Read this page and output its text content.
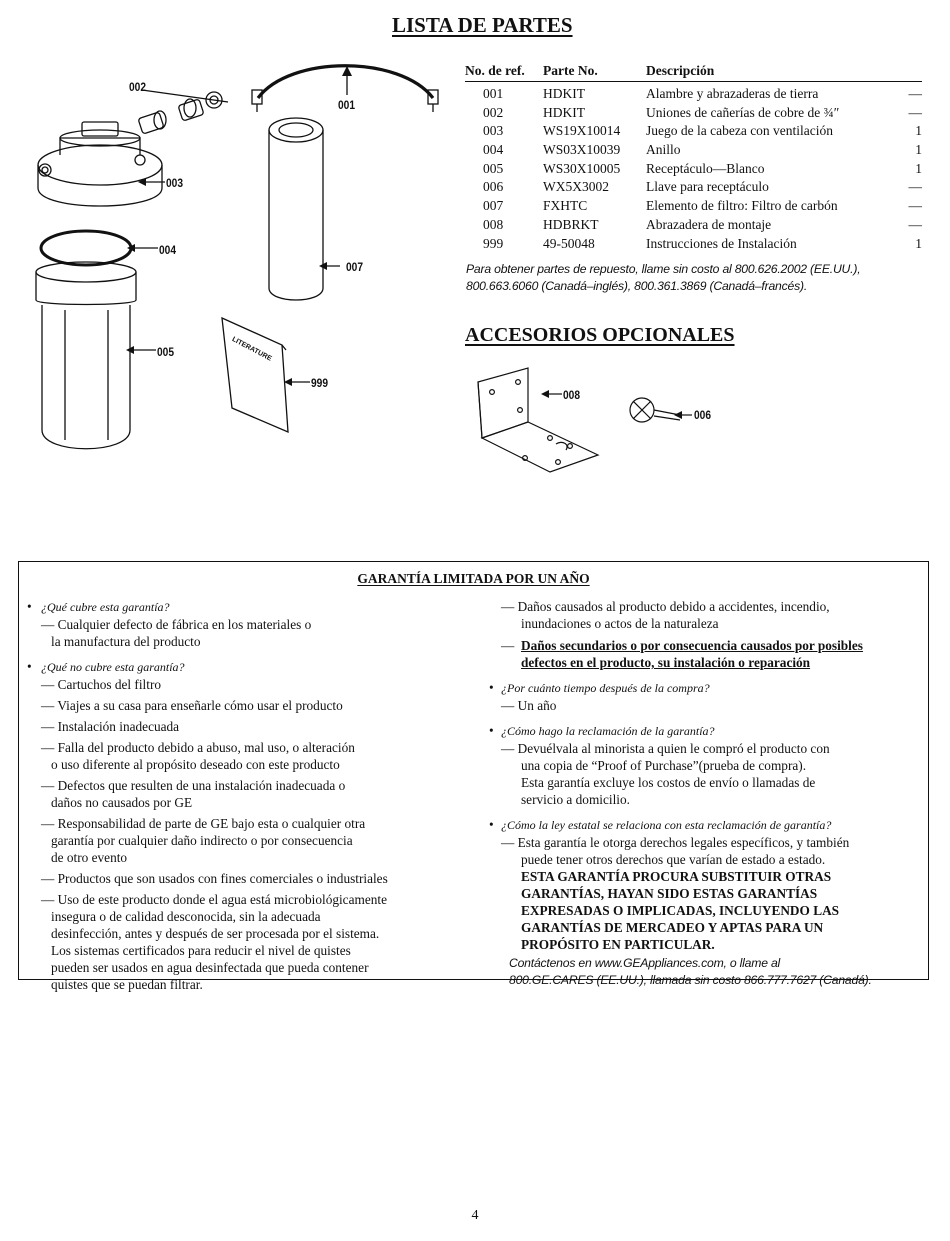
LISTA DE PARTES
002
001
003
004
007
005
999
LITERATURE
No. de ref.	Parte No.	Descripción
001	HDKIT	Alambre y abrazaderas de tierra	—
002	HDKIT	Uniones de cañerías de cobre de ¾″	—
003	WS19X10014	Juego de la cabeza con ventilación	1
004	WS03X10039	Anillo	1
005	WS30X10005	Receptáculo—Blanco	1
006	WX5X3002	Llave para receptáculo	—
007	FXHTC	Elemento de filtro: Filtro de carbón	—
008	HDBRKT	Abrazadera de montaje	—
999	49-50048	Instrucciones de Instalación	1
Para obtener partes de repuesto, llame sin costo al 800.626.2002 (EE.UU.),
800.663.6060 (Canadá–inglés), 800.361.3869 (Canadá–francés).
ACCESORIOS OPCIONALES
008
006
GARANTÍA LIMITADA POR UN AÑO
• ¿Qué cubre esta garantía?
— Cualquier defecto de fábrica en los materiales o
la manufactura del producto
• ¿Qué no cubre esta garantía?
— Cartuchos del filtro
— Viajes a su casa para enseñarle cómo usar el producto
— Instalación inadecuada
— Falla del producto debido a abuso, mal uso, o alteración
o uso diferente al propósito deseado con este producto
— Defectos que resulten de una instalación inadecuada o
daños no causados por GE
— Responsabilidad de parte de GE bajo esta o cualquier otra
garantía por cualquier daño indirecto o por consecuencia
de otro evento
— Productos que son usados con fines comerciales o industriales
— Uso de este producto donde el agua está microbiológicamente
insegura o de calidad desconocida, sin la adecuada
desinfección, antes y después de ser procesada por el sistema.
Los sistemas certificados para reducir el nivel de quistes
pueden ser usados en agua desinfectada que pueda contener
quistes que se puedan filtrar.
— Daños causados al producto debido a accidentes, incendio,
inundaciones o actos de la naturaleza
— Daños secundarios o por consecuencia causados por posibles
defectos en el producto, su instalación o reparación
• ¿Por cuánto tiempo después de la compra?
— Un año
• ¿Cómo hago la reclamación de la garantía?
— Devuélvala al minorista a quien le compró el producto con
una copia de “Proof of Purchase”(prueba de compra).
Esta garantía excluye los costos de envío o llamadas de
servicio a domicilio.
• ¿Cómo la ley estatal se relaciona con esta reclamación de garantía?
— Esta garantía le otorga derechos legales específicos, y también
puede tener otros derechos que varían de estado a estado.
ESTA GARANTÍA PROCURA SUBSTITUIR OTRAS
GARANTÍAS, HAYAN SIDO ESTAS GARANTÍAS
EXPRESADAS O IMPLICADAS, INCLUYENDO LAS
GARANTÍAS DE MERCADEO Y APTAS PARA UN
PROPÓSITO EN PARTICULAR.
Contáctenos en www.GEAppliances.com, o llame al
800.GE.CARES (EE.UU.), llamada sin costo 866.777.7627 (Canadá).
4
